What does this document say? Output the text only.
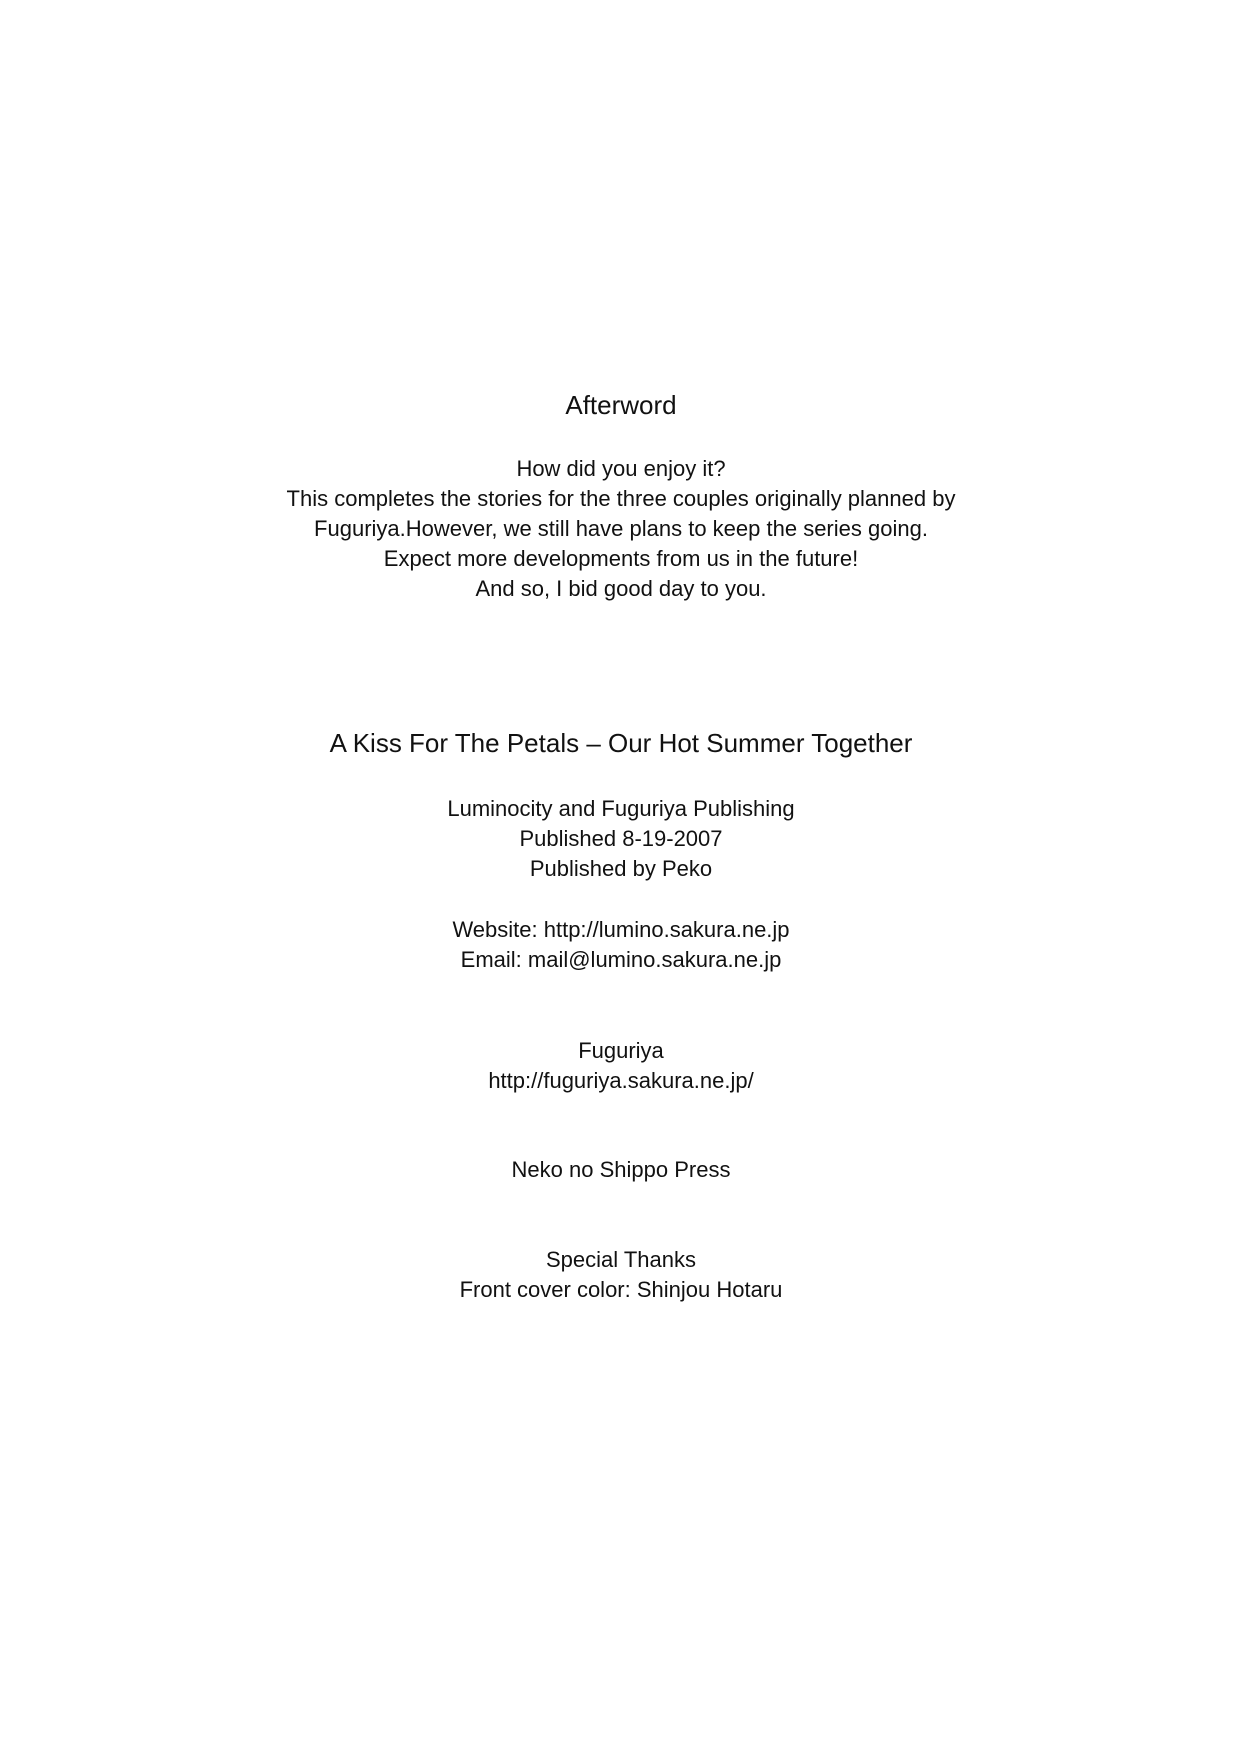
Afterword
How did you enjoy it?
This completes the stories for the three couples originally planned by
Fuguriya.However, we still have plans to keep the series going.
Expect more developments from us in the future!
And so, I bid good day to you.
A Kiss For The Petals – Our Hot Summer Together
Luminocity and Fuguriya Publishing
Published 8-19-2007
Published by Peko
Website: http://lumino.sakura.ne.jp
Email: mail@lumino.sakura.ne.jp
Fuguriya
http://fuguriya.sakura.ne.jp/
Neko no Shippo Press
Special Thanks
Front cover color: Shinjou Hotaru
